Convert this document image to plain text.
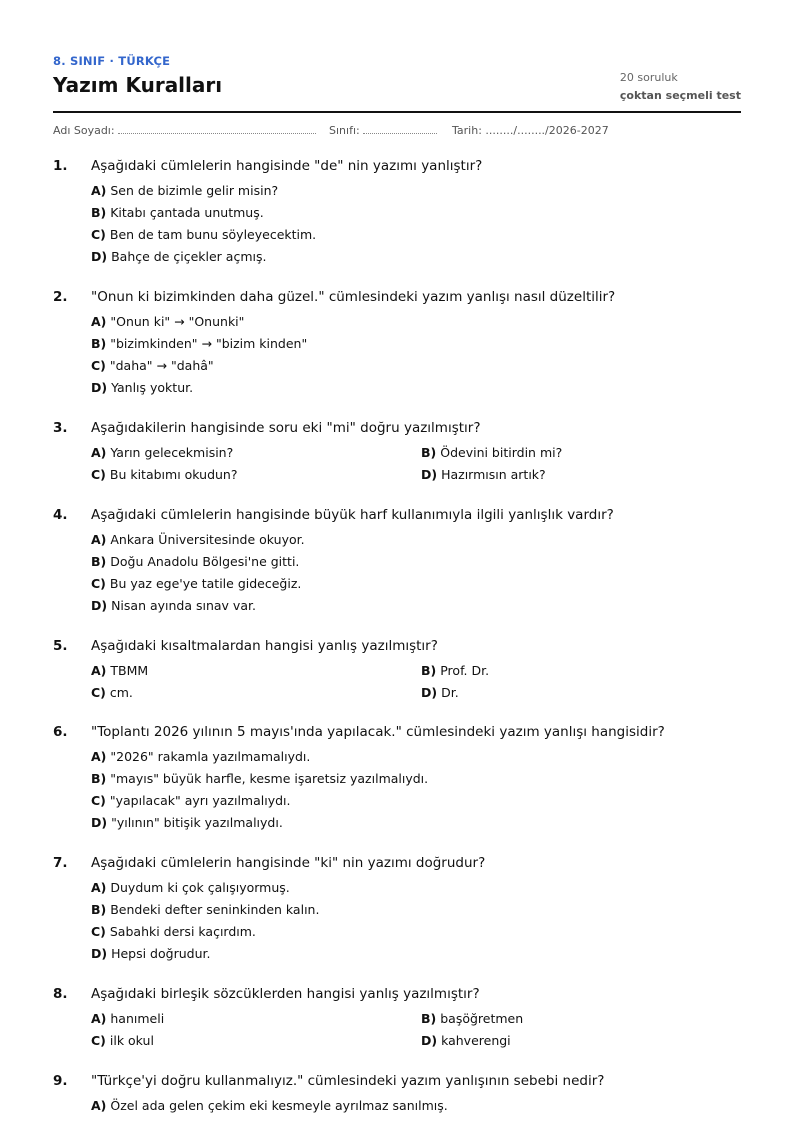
8. SINIF · TÜRKÇE
Yazım Kuralları	20 soruluk
çoktan seçmeli test
Adı Soyadı:	Sınıfı:	Tarih: ......../......../2026-2027
1. Aşağıdaki cümlelerin hangisinde "de" nin yazımı yanlıştır?
A) Sen de bizimle gelir misin?
B) Kitabı çantada unutmuş.
C) Ben de tam bunu söyleyecektim.
D) Bahçe de çiçekler açmış.
2. "Onun ki bizimkinden daha güzel." cümlesindeki yazım yanlışı nasıl düzeltilir?
A) "Onun ki" → "Onunki"
B) "bizimkinden" → "bizim kinden"
C) "daha" → "dahâ"
D) Yanlış yoktur.
3. Aşağıdakilerin hangisinde soru eki "mi" doğru yazılmıştır?
A) Yarın gelecekmisin?	B) Ödevini bitirdin mi?
C) Bu kitabımı okudun?	D) Hazırmısın artık?
4. Aşağıdaki cümlelerin hangisinde büyük harf kullanımıyla ilgili yanlışlık vardır?
A) Ankara Üniversitesinde okuyor.
B) Doğu Anadolu Bölgesi'ne gitti.
C) Bu yaz ege'ye tatile gideceğiz.
D) Nisan ayında sınav var.
5. Aşağıdaki kısaltmalardan hangisi yanlış yazılmıştır?
A) TBMM	B) Prof. Dr.
C) cm.	D) Dr.
6. "Toplantı 2026 yılının 5 mayıs'ında yapılacak." cümlesindeki yazım yanlışı hangisidir?
A) "2026" rakamla yazılmamalıydı.
B) "mayıs" büyük harfle, kesme işaretsiz yazılmalıydı.
C) "yapılacak" ayrı yazılmalıydı.
D) "yılının" bitişik yazılmalıydı.
7. Aşağıdaki cümlelerin hangisinde "ki" nin yazımı doğrudur?
A) Duydum ki çok çalışıyormuş.
B) Bendeki defter seninkinden kalın.
C) Sabahki dersi kaçırdım.
D) Hepsi doğrudur.
8. Aşağıdaki birleşik sözcüklerden hangisi yanlış yazılmıştır?
A) hanımeli	B) başöğretmen
C) ilk okul	D) kahverengi
9. "Türkçe'yi doğru kullanmalıyız." cümlesindeki yazım yanlışının sebebi nedir?
A) Özel ada gelen çekim eki kesmeyle ayrılmaz sanılmış.
